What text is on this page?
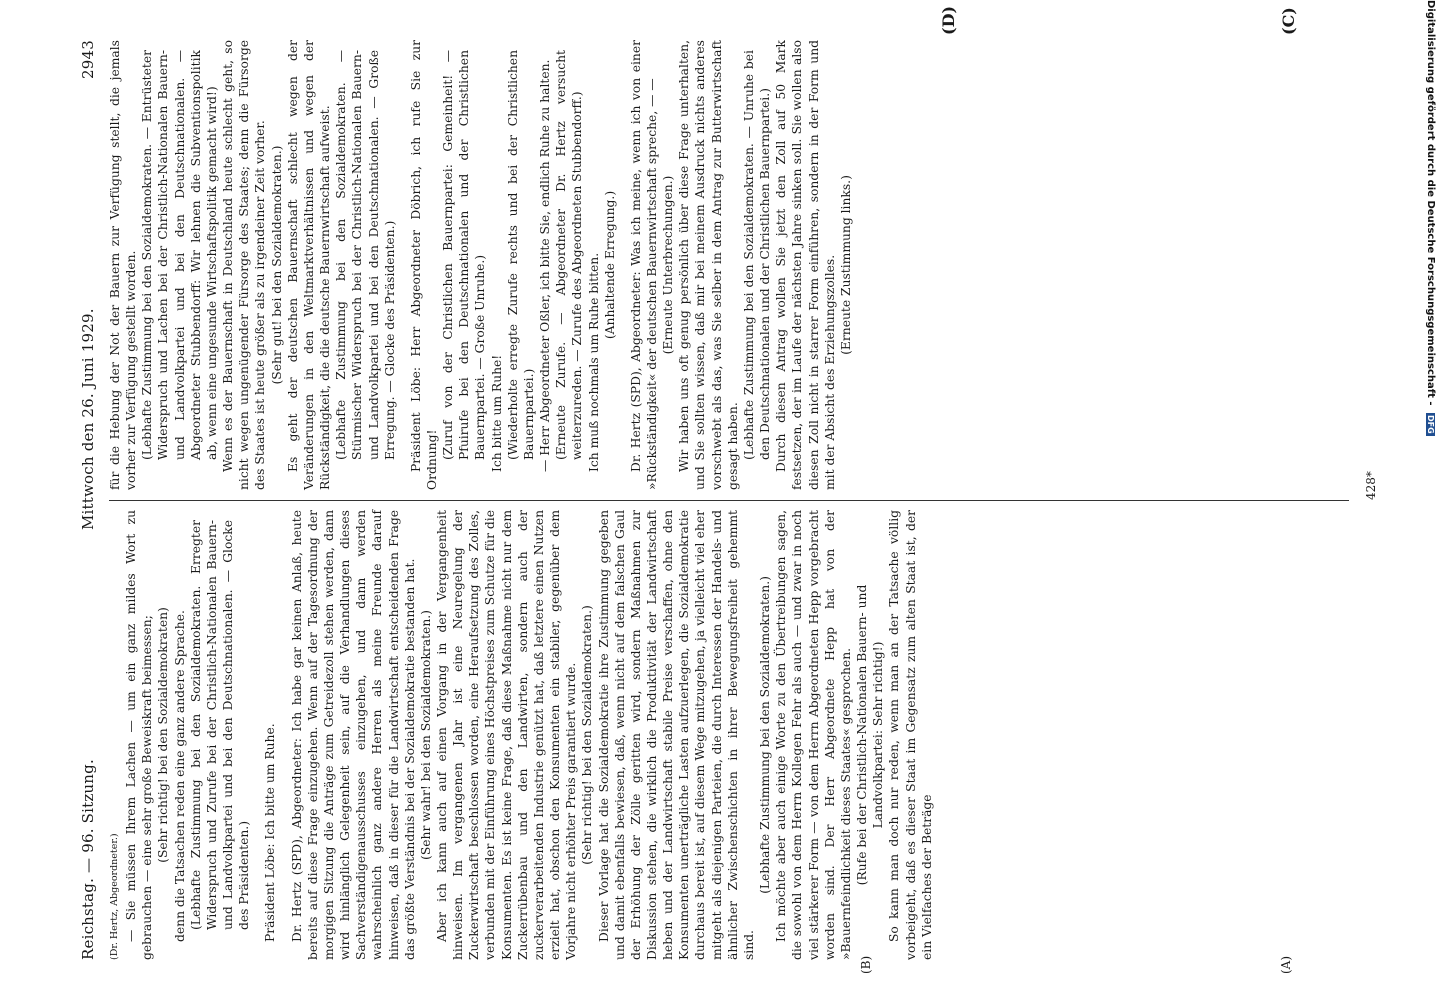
Reichstag. — 96. Sitzung.
Mittwoch den 26. Juni 1929.
2943

(Dr. Hertz, Abgeordneter.) — Sie müssen Ihrem Lachen — um ein ganz mildes Wort zu gebrauchen — eine sehr große Beweiskraft beimessen; (Sehr richtig! bei den Sozialdemokraten) denn die Tatsachen reden eine ganz andere Sprache. (Lebhafte Zustimmung bei den Sozialdemokraten. Erregter Widerspruch und Zurufe bei der Christlich-Nationalen Bauern- und Landvolkpartei und bei den Deutschnationalen. — Glocke des Präsidenten.) Präsident Löbe: Ich bitte um Ruhe. Dr. Hertz (SPD), Abgeordneter: Ich habe gar keinen Anlaß, heute bereits auf diese Frage einzugehen. Wenn auf der Tagesordnung der morgigen Sitzung die Anträge zum Getreidezoll stehen werden, dann wird hinlänglich Gelegenheit sein, auf die Verhandlungen dieses Sachverständigenausschusses einzugehen, und dann werden wahrscheinlich ganz andere Herren als meine Freunde darauf hinweisen, daß in dieser für die Landwirtschaft entscheidenden Frage das größte Verständnis bei der Sozialdemokratie bestanden hat. (Sehr wahr! bei den Sozialdemokraten.) Aber ich kann auch auf einen Vorgang in der Vergangenheit hinweisen. Im vergangenen Jahr ist eine Neuregelung der Zuckerwirtschaft beschlossen worden, eine Heraufsetzung des Zolles, verbunden mit der Einführung eines Höchstpreises zum Schutze für die Konsumenten. Es ist keine Frage, daß diese Maßnahme nicht nur dem Zuckerrübenbau und den Landwirten, sondern auch der zuckerverarbeitenden Industrie genützt hat, daß letztere einen Nutzen erzielt hat, obschon den Konsumenten ein stabiler, gegenüber dem Vorjahre nicht erhöhter Preis garantiert wurde. (Sehr richtig! bei den Sozialdemokraten.) Dieser Vorlage hat die Sozialdemokratie ihre Zustimmung gegeben und damit ebenfalls bewiesen, daß, wenn nicht auf dem falschen Gaul der Erhöhung der Zölle geritten wird, sondern Maßnahmen zur Diskussion stehen, die wirklich die Produktivität der Landwirtschaft heben und der Landwirtschaft stabile Preise verschaffen, ohne den Konsumenten unerträgliche Lasten aufzuerlegen, die Sozialdemokratie durchaus bereit ist, auf diesem Wege mitzugehen, ja vielleicht viel eher mitgeht als diejenigen Parteien, die durch Interessen der Handels- und ähnlicher Zwischenschichten in ihrer Bewegungsfreiheit gehemmt sind.

(Lebhafte Zustimmung bei den Sozialdemokraten.) Ich möchte aber auch einige Worte zu den Übertreibungen sagen, die sowohl von dem Herrn Kollegen Fehr als auch — und zwar in noch viel stärkerer Form — von dem Herrn Abgeordneten Hepp vorgebracht worden sind. Der Herr Abgeordnete Hepp hat von der »Bauernfeindlichkeit dieses Staates« gesprochen. (Rufe bei der Christlich-Nationalen Bauern- und Landvolkpartei: Sehr richtig!) So kann man doch nur reden, wenn man an der Tatsache völlig vorbeigeht, daß es dieser Staat im Gegensatz zum alten Staat ist, der ein Vielfaches der Beträge

für die Hebung der Not der Bauern zur Verfügung stellt, die jemals vorher zur Verfügung gestellt worden. (Lebhafte Zustimmung bei den Sozialdemokraten. — Entrüsteter Widerspruch und Lachen bei der Christlich-Nationalen Bauern- und Landvolkpartei und bei den Deutschnationalen. — Abgeordneter Stubbendorff: Wir lehnen die Subventionspolitik ab, wenn eine ungesunde Wirtschaftspolitik gemacht wird!) Wenn es der Bauernschaft in Deutschland heute schlecht geht, so nicht wegen ungenügender Fürsorge des Staates; denn die Fürsorge des Staates ist heute größer als zu irgendeiner Zeit vorher. (Sehr gut! bei den Sozialdemokraten.) Es geht der deutschen Bauernschaft schlecht wegen der Veränderungen in den Weltmarktverhältnissen und wegen der Rückständigkeit, die die deutsche Bauernwirtschaft aufweist. (Lebhafte Zustimmung bei den Sozialdemokraten. — Stürmischer Widerspruch bei der Christlich-Nationalen Bauern- und Landvolkpartei und bei den Deutschnationalen. — Große Erregung. — Glocke des Präsidenten.) Präsident Löbe: Herr Abgeordneter Döbrich, ich rufe Sie zur Ordnung! (Zuruf von der Christlichen Bauernpartei: Gemeinheit! — Pfuirufe bei den Deutschnationalen und der Christlichen Bauernpartei. — Große Unruhe.) Ich bitte um Ruhe! (Wiederholte erregte Zurufe rechts und bei der Christlichen Bauernpartei.) — Herr Abgeordneter Oßler, ich bitte Sie, endlich Ruhe zu halten. (Erneute Zurufe. — Abgeordneter Dr. Hertz versucht weiterzureden. — Zurufe des Abgeordneten Stubbendorff.) Ich muß nochmals um Ruhe bitten. (Anhaltende Erregung.) Dr. Hertz (SPD), Abgeordneter: Was ich meine, wenn ich von einer »Rückständigkeit« der deutschen Bauernwirtschaft spreche, — — (Erneute Unterbrechungen.) Wir haben uns oft genug persönlich über diese Frage unterhalten, und Sie sollten wissen, daß mir bei meinem Ausdruck nichts anderes vorschwebt als das, was Sie selber in dem Antrag zur Butterwirtschaft gesagt haben. (Lebhafte Zustimmung bei den Sozialdemokraten. — Unruhe bei den Deutschnationalen und der Christlichen Bauernpartei.) Durch diesen Antrag wollen Sie jetzt den Zoll auf 50 Mark festsetzen, der im Laufe der nächsten Jahre sinken soll. Sie wollen also diesen Zoll nicht in starrer Form einführen, sondern in der Form und mit der Absicht des Erziehungszolles. (Erneute Zustimmung links.)

(A)
(B)
(C)
(D)
428*
Digitalisierung gefördert durch die Deutsche Forschungsgemeinschaft - DFG
